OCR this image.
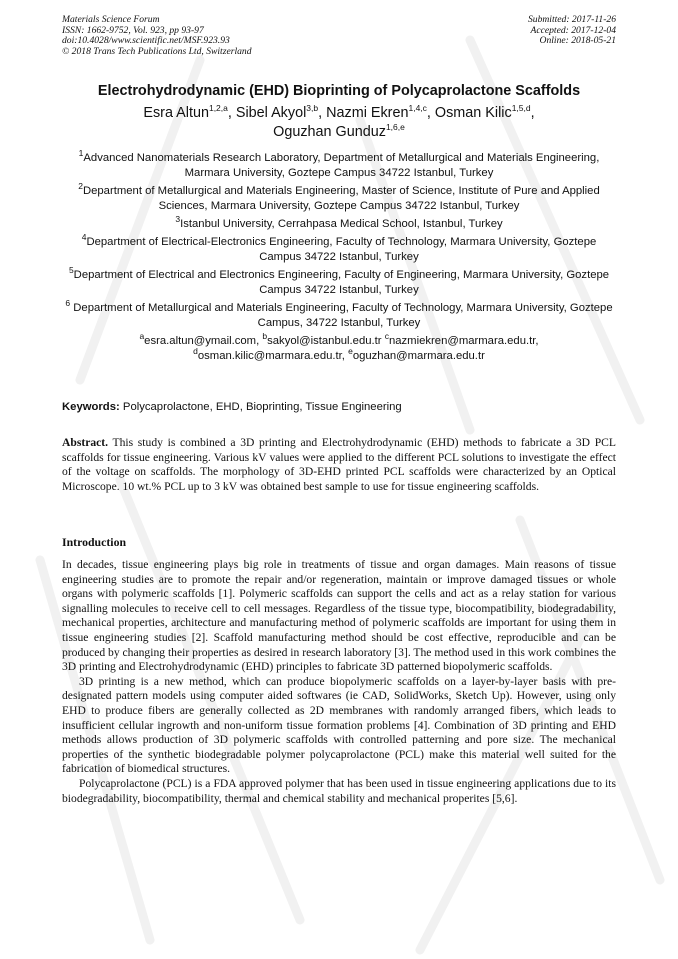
Materials Science Forum
ISSN: 1662-9752, Vol. 923, pp 93-97
doi:10.4028/www.scientific.net/MSF.923.93
© 2018 Trans Tech Publications Ltd, Switzerland
Submitted: 2017-11-26
Accepted: 2017-12-04
Online: 2018-05-21
Electrohydrodynamic (EHD) Bioprinting of Polycaprolactone Scaffolds
Esra Altun$^{1,2,a}$, Sibel Akyol$^{3,b}$, Nazmi Ekren$^{1,4,c}$, Osman Kilic$^{1,5,d}$,
Oguzhan Gunduz$^{1,6,e}$
$^1$Advanced Nanomaterials Research Laboratory, Department of Metallurgical and Materials Engineering, Marmara University, Goztepe Campus 34722 Istanbul, Turkey
$^2$Department of Metallurgical and Materials Engineering, Master of Science, Institute of Pure and Applied Sciences, Marmara University, Goztepe Campus 34722 Istanbul, Turkey
$^3$Istanbul University, Cerrahpasa Medical School, Istanbul, Turkey
$^4$Department of Electrical-Electronics Engineering, Faculty of Technology, Marmara University, Goztepe Campus 34722 Istanbul, Turkey
$^5$Department of Electrical and Electronics Engineering, Faculty of Engineering, Marmara University, Goztepe Campus 34722 Istanbul, Turkey
$^6$ Department of Metallurgical and Materials Engineering, Faculty of Technology, Marmara University, Goztepe Campus, 34722 Istanbul, Turkey
$^a$esra.altun@ymail.com, $^b$sakyol@istanbul.edu.tr $^c$nazmiekren@marmara.edu.tr,
$^d$osman.kilic@marmara.edu.tr, $^e$oguzhan@marmara.edu.tr
Keywords: Polycaprolactone, EHD, Bioprinting, Tissue Engineering
Abstract. This study is combined a 3D printing and Electrohydrodynamic (EHD) methods to fabricate a 3D PCL scaffolds for tissue engineering. Various kV values were applied to the different PCL solutions to investigate the effect of the voltage on scaffolds. The morphology of 3D-EHD printed PCL scaffolds were characterized by an Optical Microscope. 10 wt.% PCL up to 3 kV was obtained best sample to use for tissue engineering scaffolds.
Introduction

In decades, tissue engineering plays big role in treatments of tissue and organ damages. Main reasons of tissue engineering studies are to promote the repair and/or regeneration, maintain or improve damaged tissues or whole organs with polymeric scaffolds [1]. Polymeric scaffolds can support the cells and act as a relay station for various signalling molecules to receive cell to cell messages. Regardless of the tissue type, biocompatibility, biodegradability, mechanical properties, architecture and manufacturing method of polymeric scaffolds are important for using them in tissue engineering studies [2]. Scaffold manufacturing method should be cost effective, reproducible and can be produced by changing their properties as desired in research laboratory [3]. The method used in this work combines the 3D printing and Electrohydrodynamic (EHD) principles to fabricate 3D patterned biopolymeric scaffolds.

3D printing is a new method, which can produce biopolymeric scaffolds on a layer-by-layer basis with pre-designated pattern models using computer aided softwares (ie CAD, SolidWorks, Sketch Up). However, using only EHD to produce fibers are generally collected as 2D membranes with randomly arranged fibers, which leads to insufficient cellular ingrowth and non-uniform tissue formation problems [4]. Combination of 3D printing and EHD methods allows production of 3D polymeric scaffolds with controlled patterning and pore size. The mechanical properties of the synthetic biodegradable polymer polycaprolactone (PCL) make this material well suited for the fabrication of biomedical structures.

Polycaprolactone (PCL) is a FDA approved polymer that has been used in tissue engineering applications due to its biodegradability, biocompatibility, thermal and chemical stability and mechanical properites [5,6].
